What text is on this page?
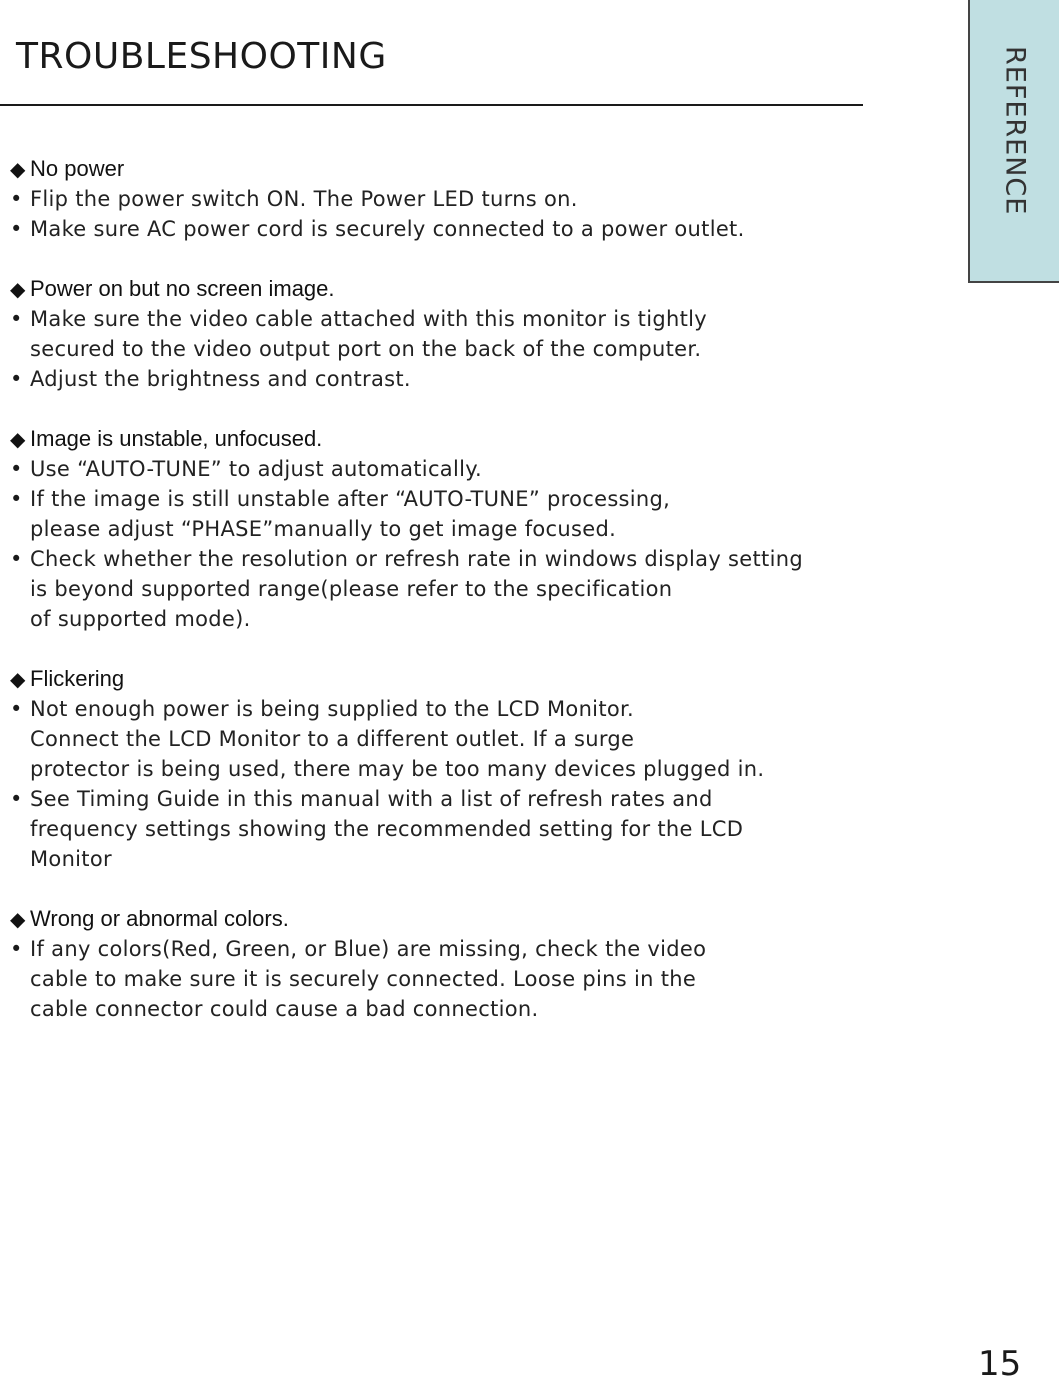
TROUBLESHOOTING	REFERENCE
◆ No power
• Flip the power switch ON. The Power LED turns on.
• Make sure AC power cord is securely connected to a power outlet.
◆ Power on but no screen image.
• Make sure the video cable attached with this monitor is tightly
secured to the video output port on the back of the computer.
• Adjust the brightness and contrast.
◆ Image is unstable, unfocused.
• Use “AUTO-TUNE” to adjust automatically.
• If the image is still unstable after “AUTO-TUNE” processing,
please adjust “PHASE”manually to get image focused.
• Check whether the resolution or refresh rate in windows display setting
is beyond supported range(please refer to the specification
of supported mode).
◆ Flickering
• Not enough power is being supplied to the LCD Monitor.
Connect the LCD Monitor to a different outlet. If a surge
protector is being used, there may be too many devices plugged in.
• See Timing Guide in this manual with a list of refresh rates and
frequency settings showing the recommended setting for the LCD
Monitor
◆ Wrong or abnormal colors.
• If any colors(Red, Green, or Blue) are missing, check the video
cable to make sure it is securely connected. Loose pins in the
cable connector could cause a bad connection.
15
